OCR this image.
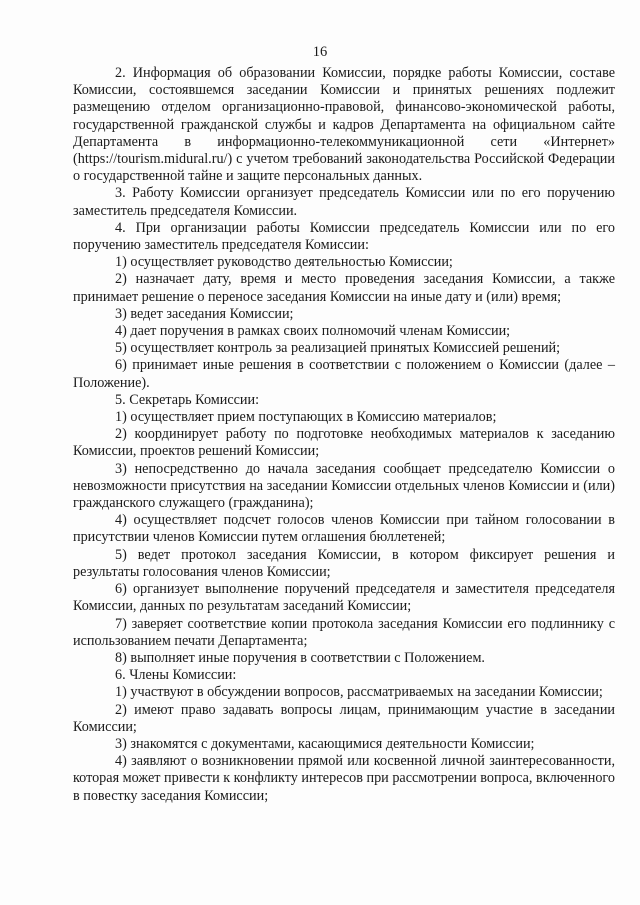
16

2. Информация об образовании Комиссии, порядке работы Комиссии, составе Комиссии, состоявшемся заседании Комиссии и принятых решениях подлежит размещению отделом организационно-правовой, финансово-экономической работы, государственной гражданской службы и кадров Департамента на официальном сайте Департамента в информационно-телекоммуникационной сети «Интернет» (https://tourism.midural.ru/) с учетом требований законодательства Российской Федерации о государственной тайне и защите персональных данных.

3. Работу Комиссии организует председатель Комиссии или по его поручению заместитель председателя Комиссии.

4. При организации работы Комиссии председатель Комиссии или по его поручению заместитель председателя Комиссии:

1) осуществляет руководство деятельностью Комиссии;

2) назначает дату, время и место проведения заседания Комиссии, а также принимает решение о переносе заседания Комиссии на иные дату и (или) время;

3) ведет заседания Комиссии;

4) дает поручения в рамках своих полномочий членам Комиссии;

5) осуществляет контроль за реализацией принятых Комиссией решений;

6) принимает иные решения в соответствии с положением о Комиссии (далее – Положение).

5. Секретарь Комиссии:

1) осуществляет прием поступающих в Комиссию материалов;

2) координирует работу по подготовке необходимых материалов к заседанию Комиссии, проектов решений Комиссии;

3) непосредственно до начала заседания сообщает председателю Комиссии о невозможности присутствия на заседании Комиссии отдельных членов Комиссии и (или) гражданского служащего (гражданина);

4) осуществляет подсчет голосов членов Комиссии при тайном голосовании в присутствии членов Комиссии путем оглашения бюллетеней;

5) ведет протокол заседания Комиссии, в котором фиксирует решения и результаты голосования членов Комиссии;

6) организует выполнение поручений председателя и заместителя председателя Комиссии, данных по результатам заседаний Комиссии;

7) заверяет соответствие копии протокола заседания Комиссии его подлиннику с использованием печати Департамента;

8) выполняет иные поручения в соответствии с Положением.

6. Члены Комиссии:

1) участвуют в обсуждении вопросов, рассматриваемых на заседании Комиссии;

2) имеют право задавать вопросы лицам, принимающим участие в заседании Комиссии;

3) знакомятся с документами, касающимися деятельности Комиссии;

4) заявляют о возникновении прямой или косвенной личной заинтересованности, которая может привести к конфликту интересов при рассмотрении вопроса, включенного в повестку заседания Комиссии;
